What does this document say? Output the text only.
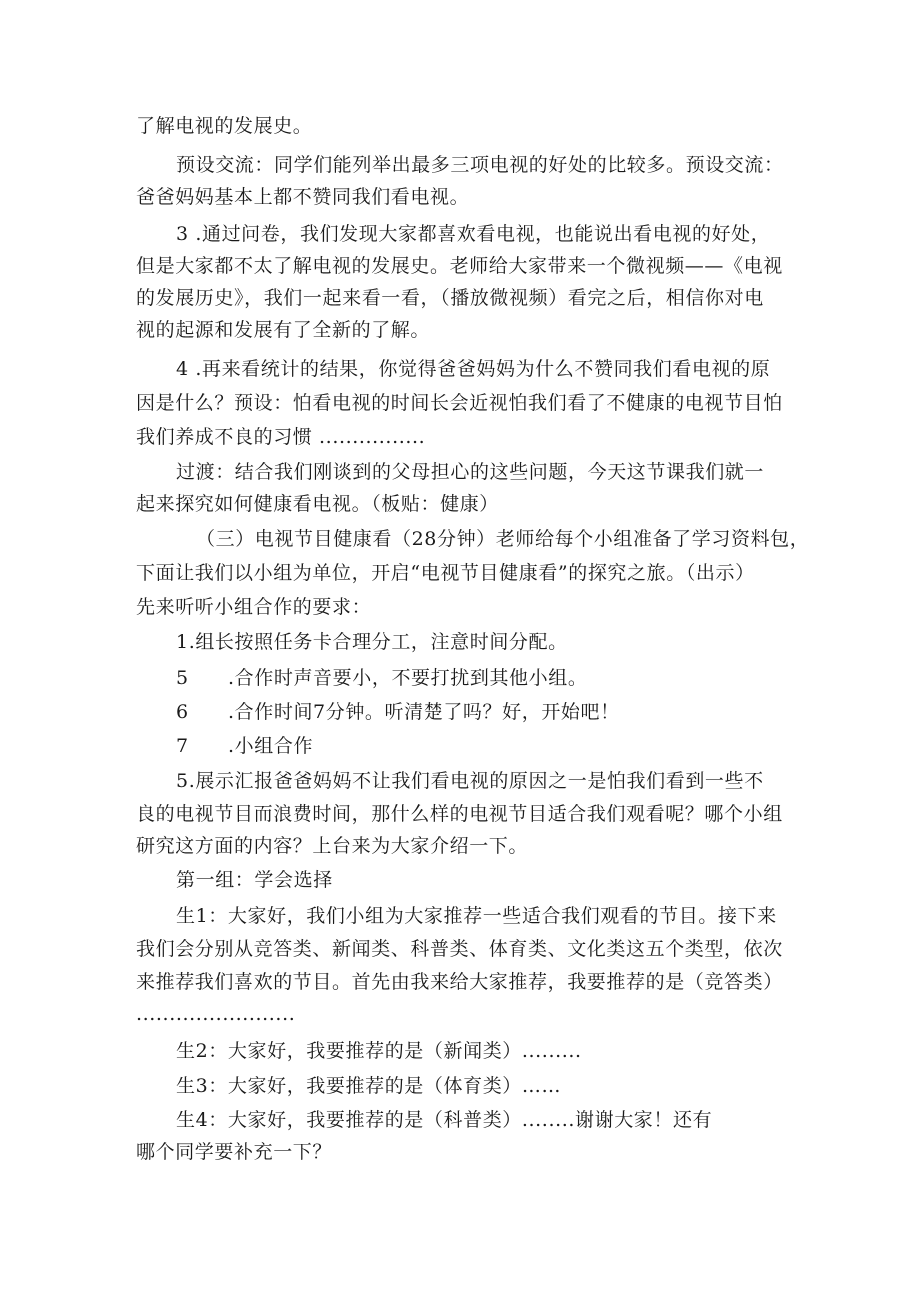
了解电视的发展史。
预设交流：同学们能列举出最多三项电视的好处的比较多。预设交流：
爸爸妈妈基本上都不赞同我们看电视。
3 .通过问卷，我们发现大家都喜欢看电视，也能说出看电视的好处，
但是大家都不太了解电视的发展史。老师给大家带来一个微视频——《电视
的发展历史》，我们一起来看一看，（播放微视频）看完之后，相信你对电
视的起源和发展有了全新的了解。
4 .再来看统计的结果，你觉得爸爸妈妈为什么不赞同我们看电视的原
因是什么？预设：怕看电视的时间长会近视怕我们看了不健康的电视节目怕
我们养成不良的习惯 ................
过渡：结合我们刚谈到的父母担心的这些问题，今天这节课我们就一
起来探究如何健康看电视。（板贴：健康）
（三）电视节目健康看（28分钟）老师给每个小组准备了学习资料包，
下面让我们以小组为单位，开启“电视节目健康看”的探究之旅。（出示）
先来听听小组合作的要求：
1.组长按照任务卡合理分工，注意时间分配。
5 .合作时声音要小，不要打扰到其他小组。
6 .合作时间7分钟。听清楚了吗？好，开始吧！
7 .小组合作
5.展示汇报爸爸妈妈不让我们看电视的原因之一是怕我们看到一些不
良的电视节目而浪费时间，那什么样的电视节目适合我们观看呢？哪个小组
研究这方面的内容？上台来为大家介绍一下。
第一组：学会选择
生1：大家好，我们小组为大家推荐一些适合我们观看的节目。接下来
我们会分别从竞答类、新闻类、科普类、体育类、文化类这五个类型，依次
来推荐我们喜欢的节目。首先由我来给大家推荐，我要推荐的是（竞答类）
........................
生2：大家好，我要推荐的是（新闻类）.........
生3：大家好，我要推荐的是（体育类）……
生4：大家好，我要推荐的是（科普类）........谢谢大家！还有
哪个同学要补充一下？
